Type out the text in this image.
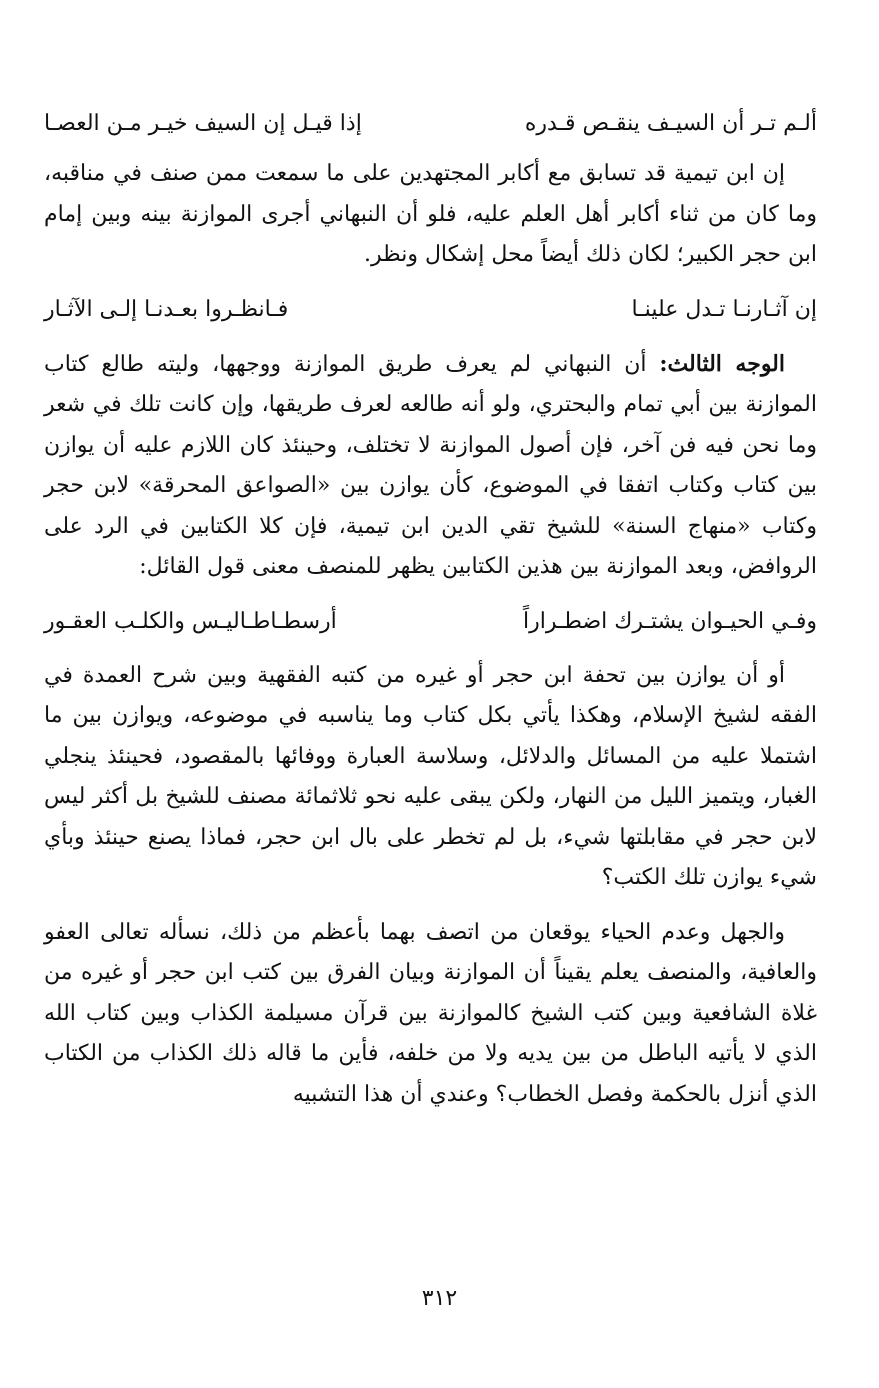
ألـم تـر أن السيـف ينقـص قـدره
إذا قيـل إن السيف خيـر مـن العصـا

إن ابن تيمية قد تسابق مع أكابر المجتهدين على ما سمعت ممن صنف في مناقبه، وما كان من ثناء أكابر أهل العلم عليه، فلو أن النبهاني أجرى الموازنة بينه وبين إمام ابن حجر الكبير؛ لكان ذلك أيضاً محل إشكال ونظر.

إن آثـارنـا تـدل علينـا
فـانظـروا بعـدنـا إلـى الآثـار

الوجه الثالث: أن النبهاني لم يعرف طريق الموازنة ووجهها، وليته طالع كتاب الموازنة بين أبي تمام والبحتري، ولو أنه طالعه لعرف طريقها، وإن كانت تلك في شعر وما نحن فيه فن آخر، فإن أصول الموازنة لا تختلف، وحينئذ كان اللازم عليه أن يوازن بين كتاب وكتاب اتفقا في الموضوع، كأن يوازن بين «الصواعق المحرقة» لابن حجر وكتاب «منهاج السنة» للشيخ تقي الدين ابن تيمية، فإن كلا الكتابين في الرد على الروافض، وبعد الموازنة بين هذين الكتابين يظهر للمنصف معنى قول القائل:

وفـي الحيـوان يشتـرك اضطـراراً
أرسطـاطـاليـس والكلـب العقـور

أو أن يوازن بين تحفة ابن حجر أو غيره من كتبه الفقهية وبين شرح العمدة في الفقه لشيخ الإسلام، وهكذا يأتي بكل كتاب وما يناسبه في موضوعه، ويوازن بين ما اشتملا عليه من المسائل والدلائل، وسلاسة العبارة ووفائها بالمقصود، فحينئذ ينجلي الغبار، ويتميز الليل من النهار، ولكن يبقى عليه نحو ثلاثمائة مصنف للشيخ بل أكثر ليس لابن حجر في مقابلتها شيء، بل لم تخطر على بال ابن حجر، فماذا يصنع حينئذ وبأي شيء يوازن تلك الكتب؟

والجهل وعدم الحياء يوقعان من اتصف بهما بأعظم من ذلك، نسأله تعالى العفو والعافية، والمنصف يعلم يقيناً أن الموازنة وبيان الفرق بين كتب ابن حجر أو غيره من غلاة الشافعية وبين كتب الشيخ كالموازنة بين قرآن مسيلمة الكذاب وبين كتاب الله الذي لا يأتيه الباطل من بين يديه ولا من خلفه، فأين ما قاله ذلك الكذاب من الكتاب الذي أنزل بالحكمة وفصل الخطاب؟ وعندي أن هذا التشبيه

٣١٢
